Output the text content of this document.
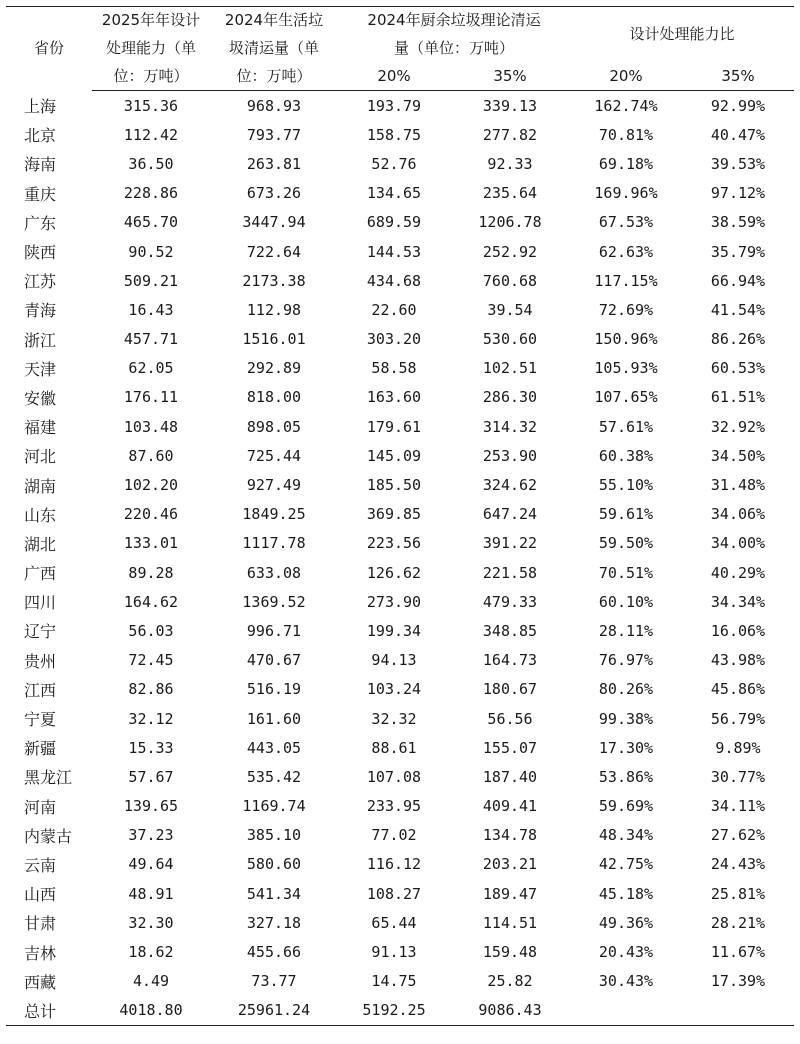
省份	2025年年设计	2024年生活垃	2024年厨余垃圾理论清运		设计处理能力比	
	处理能力（单	圾清运量（单	量（单位：万吨）			
	位：万吨）	位：万吨）	20%	35%	20%	35%
上海	315.36	968.93	193.79	339.13	162.74%	92.99%
北京	112.42	793.77	158.75	277.82	70.81%	40.47%
海南	36.50	263.81	52.76	92.33	69.18%	39.53%
重庆	228.86	673.26	134.65	235.64	169.96%	97.12%
广东	465.70	3447.94	689.59	1206.78	67.53%	38.59%
陕西	90.52	722.64	144.53	252.92	62.63%	35.79%
江苏	509.21	2173.38	434.68	760.68	117.15%	66.94%
青海	16.43	112.98	22.60	39.54	72.69%	41.54%
浙江	457.71	1516.01	303.20	530.60	150.96%	86.26%
天津	62.05	292.89	58.58	102.51	105.93%	60.53%
安徽	176.11	818.00	163.60	286.30	107.65%	61.51%
福建	103.48	898.05	179.61	314.32	57.61%	32.92%
河北	87.60	725.44	145.09	253.90	60.38%	34.50%
湖南	102.20	927.49	185.50	324.62	55.10%	31.48%
山东	220.46	1849.25	369.85	647.24	59.61%	34.06%
湖北	133.01	1117.78	223.56	391.22	59.50%	34.00%
广西	89.28	633.08	126.62	221.58	70.51%	40.29%
四川	164.62	1369.52	273.90	479.33	60.10%	34.34%
辽宁	56.03	996.71	199.34	348.85	28.11%	16.06%
贵州	72.45	470.67	94.13	164.73	76.97%	43.98%
江西	82.86	516.19	103.24	180.67	80.26%	45.86%
宁夏	32.12	161.60	32.32	56.56	99.38%	56.79%
新疆	15.33	443.05	88.61	155.07	17.30%	9.89%
黑龙江	57.67	535.42	107.08	187.40	53.86%	30.77%
河南	139.65	1169.74	233.95	409.41	59.69%	34.11%
内蒙古	37.23	385.10	77.02	134.78	48.34%	27.62%
云南	49.64	580.60	116.12	203.21	42.75%	24.43%
山西	48.91	541.34	108.27	189.47	45.18%	25.81%
甘肃	32.30	327.18	65.44	114.51	49.36%	28.21%
吉林	18.62	455.66	91.13	159.48	20.43%	11.67%
西藏	4.49	73.77	14.75	25.82	30.43%	17.39%
总计	4018.80	25961.24	5192.25	9086.43		
